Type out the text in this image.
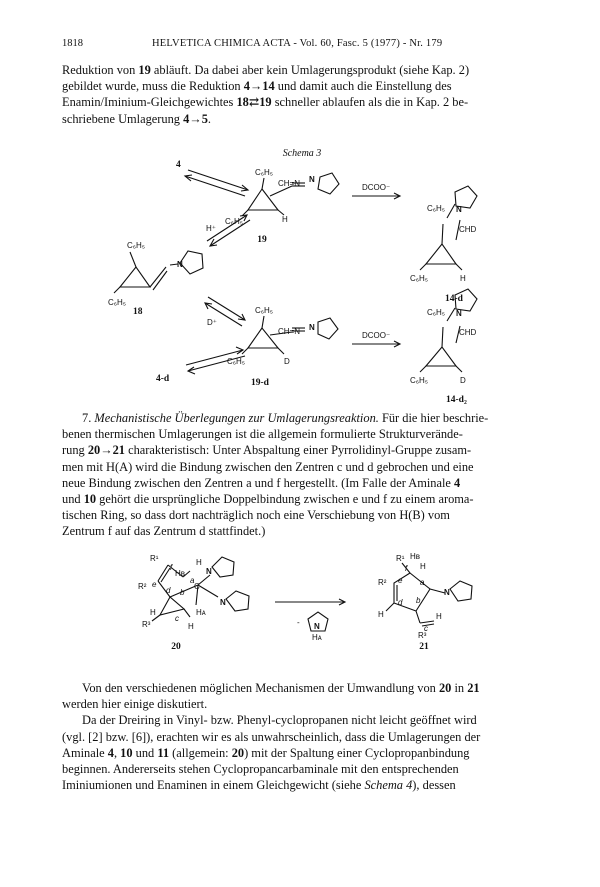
1818	HELVETICA CHIMICA ACTA - Vol. 60, Fasc. 5 (1977) - Nr. 179

Reduktion von 19 abläuft. Da dabei aber kein Umlagerungsprodukt (siehe Kap. 2)

gebildet wurde, muss die Reduktion 4→14 und damit auch die Einstellung des

Enamin/Iminium-Gleichgewichtes 18⇄19 schneller ablaufen als die in Kap. 2 be-

schriebene Umlagerung 4→5.

Schema 3
4
H⁺
C₆H₅
CH=N N
C₆H₅	H
19
DCOO⁻
C₆H₅ N
CHD
C₆H₅	H
14-d
C₆H₅
N
C₆H₅
18
D⁺
C₆H₅
CH=N N
C₆H₅	D
19-d
DCOO⁻
4-d
C₆H₅ N
CHD
C₆H₅	D
14-d₂

7. Mechanistische Überlegungen zur Umlagerungsreaktion. Für die hier beschrie-

benen thermischen Umlagerungen ist die allgemein formulierte Strukturverände-

rung 20→21 charakteristisch: Unter Abspaltung einer Pyrrolidinyl-Gruppe zusam-

men mit H(A) wird die Bindung zwischen den Zentren c und d gebrochen und eine

neue Bindung zwischen den Zentren a und f hergestellt. (Im Falle der Aminale 4

und 10 gehört die ursprüngliche Doppelbindung zwischen e und f zu einem aroma-

tischen Ring, so dass dort nachträglich noch eine Verschiebung von H(B) vom

Zentrum f auf das Zentrum d stattfindet.)

R¹
Hʙ
f
R² e
d b
a
C
H
N
N
Hᴀ
H
R³
c
H
20
- N
Hᴀ
R¹ Hʙ
H
f
R² e a
d b
N
H
c
H
R³
21

Von den verschiedenen möglichen Mechanismen der Umwandlung von 20 in 21

werden hier einige diskutiert.

Da der Dreiring in Vinyl- bzw. Phenyl-cyclopropanen nicht leicht geöffnet wird

(vgl. [2] bzw. [6]), erachten wir es als unwahrscheinlich, dass die Umlagerungen der

Aminale 4, 10 und 11 (allgemein: 20) mit der Spaltung einer Cyclopropanbindung

beginnen. Andererseits stehen Cyclopropancarbaminale mit den entsprechenden

Iminiumionen und Enaminen in einem Gleichgewicht (siehe Schema 4), dessen
